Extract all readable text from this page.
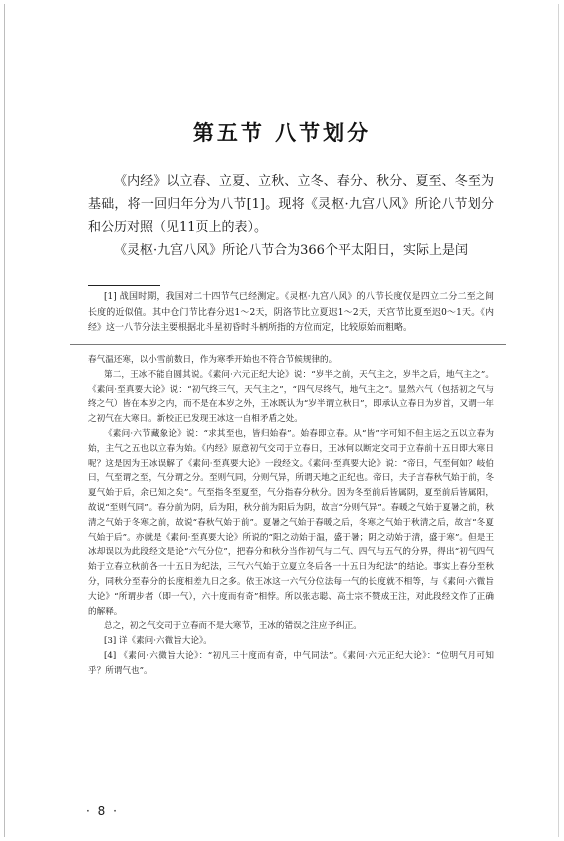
第五节 八节划分

《内经》以立春、立夏、立秋、立冬、春分、秋分、夏至、冬至为基础，将一回归年分为八节[1]。现将《灵枢·九宫八风》所论八节划分和公历对照（见11页上的表）。

《灵枢·九宫八风》所论八节合为366个平太阳日，实际上是闰

[1] 战国时期，我国对二十四节气已经测定。《灵枢·九宫八风》的八节长度仅是四立二分二至之间长度的近似值。其中仓门节比春分迟1～2天，阴洛节比立夏迟1～2天，天宫节比夏至迟0～1天。《内经》这一八节分法主要根据北斗星初昏时斗柄所指的方位而定，比较原始而粗略。

春气温还寒，以小雪前数日，作为寒季开始也不符合节候规律的。

第二，王冰不能自圆其说。《素问·六元正纪大论》说：“岁半之前，天气主之，岁半之后，地气主之”。《素问·至真要大论》说：“初气终三气，天气主之”，“四气尽终气，地气主之”。显然六气（包括初之气与终之气）皆在本岁之内，而不是在本岁之外，王冰既认为“岁半谓立秋日”，即承认立春日为岁首，又谓一年之初气在大寒日。新校正已发现王冰这一自相矛盾之处。

《素问·六节藏象论》说：“求其至也，皆归始春”。始春即立春。从“皆”字可知不但主运之五以立春为始，主气之五也以立春为始。《内经》原意初气交司于立春日，王冰何以断定交司于立春前十五日即大寒日呢？这是因为王冰误解了《素问·至真要大论》一段经文。《素问·至真要大论》说：“帝曰，气至何如？岐伯曰，气至谓之至，气分谓之分。至则气同，分则气异，所谓天地之正纪也。帝曰，夫子言春秋气始于前，冬夏气始于后，余已知之矣”。气至指冬至夏至，气分指春分秋分。因为冬至前后皆属阴，夏至前后皆属阳，故说“至则气同”。春分前为阴，后为阳，秋分前为阳后为阴，故言“分则气异”。春暖之气始于夏暑之前，秋清之气始于冬寒之前，故说“春秋气始于前”。夏暑之气始于春暖之后，冬寒之气始于秋清之后，故言“冬夏气始于后”。亦就是《素问·至真要大论》所说的“阳之动始于温，盛于暑；阴之动始于清，盛于寒”。但是王冰却误以为此段经文是论“六气分位”，把春分和秋分当作初气与二气、四气与五气的分界，得出“初气四气始于立春立秋前各一十五日为纪法，三气六气始于立夏立冬后各一十五日为纪法”的结论。事实上春分至秋分，同秋分至春分的长度相差九日之多。依王冰这一六气分位法每一气的长度就不相等，与《素问·六微旨大论》“所谓步者（即一气），六十度而有奇”相悖。所以张志聪、高士宗不赞成王注，对此段经文作了正确的解释。

总之，初之气交司于立春而不是大寒节，王冰的错误之注应予纠正。

[3] 详《素问·六微旨大论》。

[4] 《素问·六微旨大论》：“初凡三十度而有奇，中气同法”。《素问·六元正纪大论》：“位明气月可知乎？所谓气也”。

· 8 ·
